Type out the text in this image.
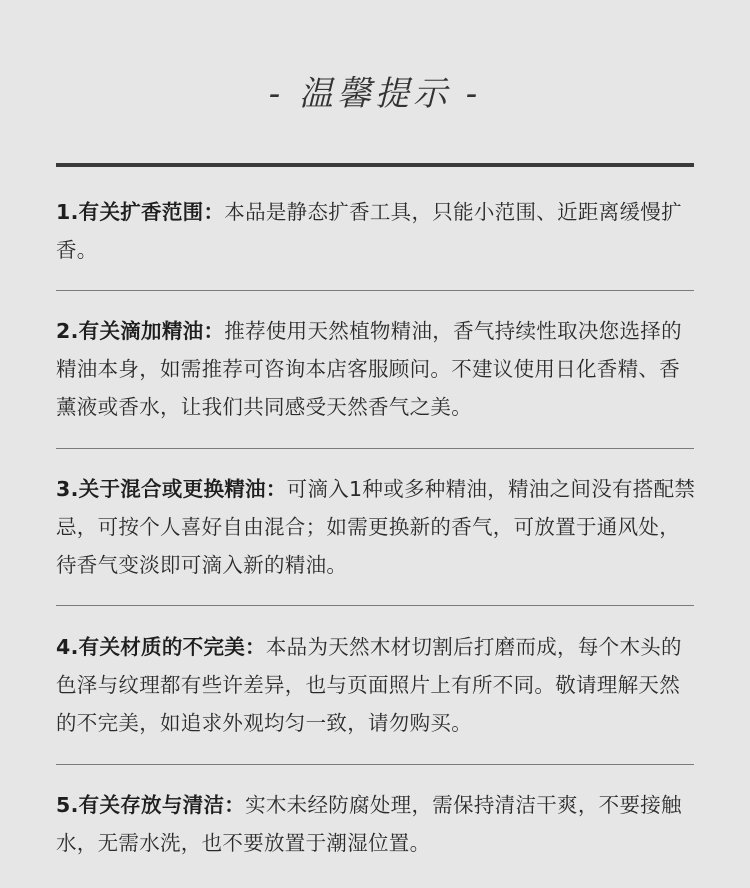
- 温馨提示 -
1.有关扩香范围：本品是静态扩香工具，只能小范围、近距离缓慢扩香。
2.有关滴加精油：推荐使用天然植物精油，香气持续性取决您选择的精油本身，如需推荐可咨询本店客服顾问。不建议使用日化香精、香薰液或香水，让我们共同感受天然香气之美。
3.关于混合或更换精油：可滴入1种或多种精油，精油之间没有搭配禁忌，可按个人喜好自由混合；如需更换新的香气，可放置于通风处，待香气变淡即可滴入新的精油。
4.有关材质的不完美：本品为天然木材切割后打磨而成，每个木头的色泽与纹理都有些许差异，也与页面照片上有所不同。敬请理解天然的不完美，如追求外观均匀一致，请勿购买。
5.有关存放与清洁：实木未经防腐处理，需保持清洁干爽，不要接触水，无需水洗，也不要放置于潮湿位置。
